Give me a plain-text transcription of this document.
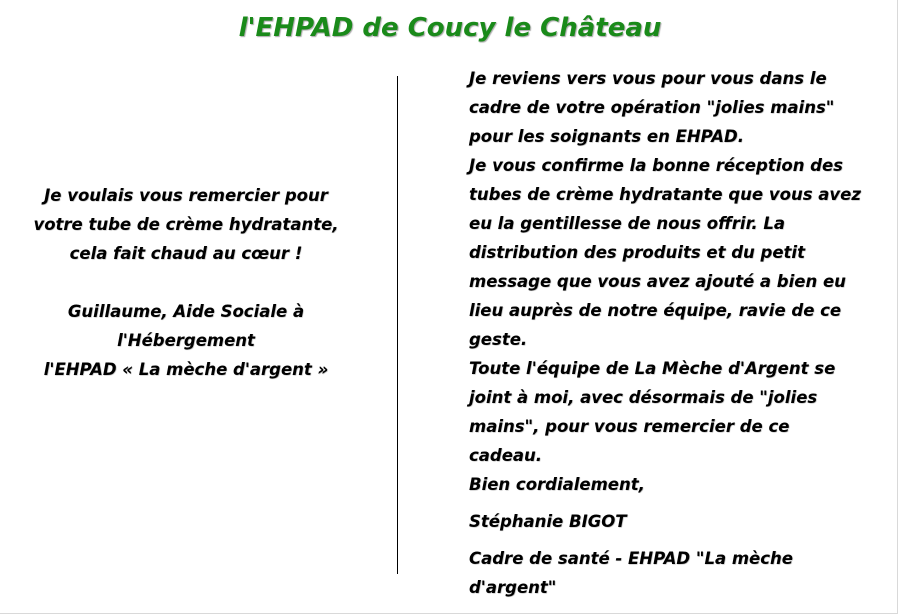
l'EHPAD de Coucy le Château
Je voulais vous remercier pour
votre tube de crème hydratante,
cela fait chaud au cœur !
Guillaume, Aide Sociale à
l'Hébergement
l'EHPAD « La mèche d'argent »
Je reviens vers vous pour vous dans le
cadre de votre opération "jolies mains"
pour les soignants en EHPAD.
Je vous confirme la bonne réception des
tubes de crème hydratante que vous avez
eu la gentillesse de nous offrir. La
distribution des produits et du petit
message que vous avez ajouté a bien eu
lieu auprès de notre équipe, ravie de ce
geste.
Toute l'équipe de La Mèche d'Argent se
joint à moi, avec désormais de "jolies
mains", pour vous remercier de ce
cadeau.
Bien cordialement,
Stéphanie BIGOT
Cadre de santé - EHPAD "La mèche
d'argent"
